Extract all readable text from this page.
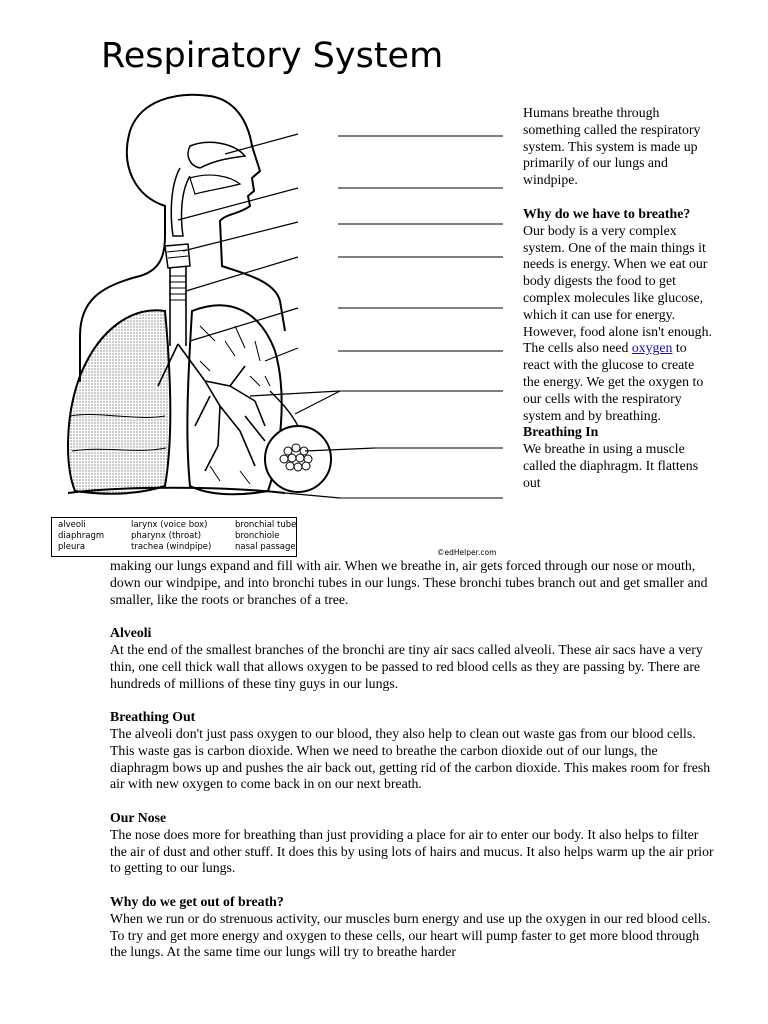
Respiratory System
alveoli
diaphragm
pleura
larynx (voice box)
pharynx (throat)
trachea (windpipe)
bronchial tube
bronchiole
nasal passage
©edHelper.com

Humans breathe through something called the respiratory system. This system is made up primarily of our lungs and windpipe.

Why do we have to breathe?

Our body is a very complex system. One of the main things it needs is energy. When we eat our body digests the food to get complex molecules like glucose, which it can use for energy. However, food alone isn't enough. The cells also need oxygen to react with the glucose to create the energy. We get the oxygen to our cells with the respiratory system and by breathing.

Breathing In

We breathe in using a muscle called the diaphragm. It flattens out

making our lungs expand and fill with air. When we breathe in, air gets forced through our nose or mouth, down our windpipe, and into bronchi tubes in our lungs. These bronchi tubes branch out and get smaller and smaller, like the roots or branches of a tree.

Alveoli

At the end of the smallest branches of the bronchi are tiny air sacs called alveoli. These air sacs have a very thin, one cell thick wall that allows oxygen to be passed to red blood cells as they are passing by. There are hundreds of millions of these tiny guys in our lungs.

Breathing Out

The alveoli don't just pass oxygen to our blood, they also help to clean out waste gas from our blood cells. This waste gas is carbon dioxide. When we need to breathe the carbon dioxide out of our lungs, the diaphragm bows up and pushes the air back out, getting rid of the carbon dioxide. This makes room for fresh air with new oxygen to come back in on our next breath.

Our Nose

The nose does more for breathing than just providing a place for air to enter our body. It also helps to filter the air of dust and other stuff. It does this by using lots of hairs and mucus. It also helps warm up the air prior to getting to our lungs.

Why do we get out of breath?

When we run or do strenuous activity, our muscles burn energy and use up the oxygen in our red blood cells. To try and get more energy and oxygen to these cells, our heart will pump faster to get more blood through the lungs. At the same time our lungs will try to breathe harder
